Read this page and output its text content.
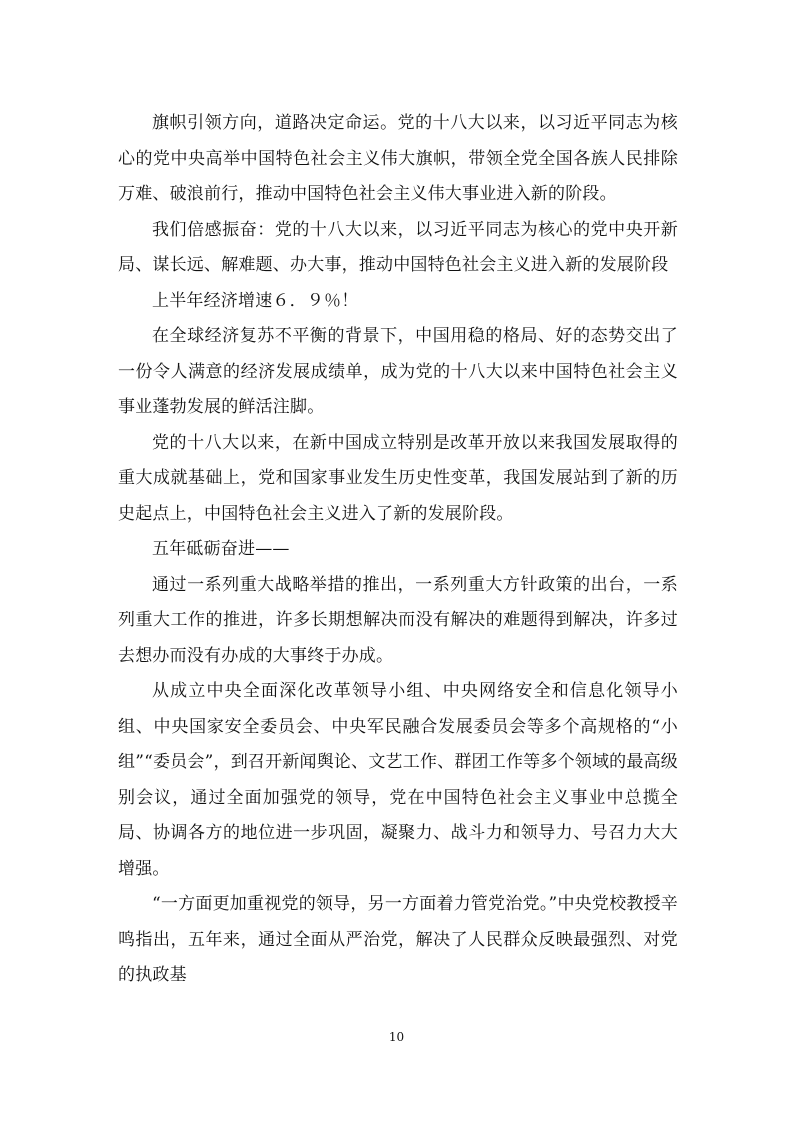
旗帜引领方向，道路决定命运。党的十八大以来，以习近平同志为核心的党中央高举中国特色社会主义伟大旗帜，带领全党全国各族人民排除万难、破浪前行，推动中国特色社会主义伟大事业进入新的阶段。

我们倍感振奋：党的十八大以来，以习近平同志为核心的党中央开新局、谋长远、解难题、办大事，推动中国特色社会主义进入新的发展阶段

上半年经济增速６．９％！

在全球经济复苏不平衡的背景下，中国用稳的格局、好的态势交出了一份令人满意的经济发展成绩单，成为党的十八大以来中国特色社会主义事业蓬勃发展的鲜活注脚。

党的十八大以来，在新中国成立特别是改革开放以来我国发展取得的重大成就基础上，党和国家事业发生历史性变革，我国发展站到了新的历史起点上，中国特色社会主义进入了新的发展阶段。

五年砥砺奋进——

通过一系列重大战略举措的推出，一系列重大方针政策的出台，一系列重大工作的推进，许多长期想解决而没有解决的难题得到解决，许多过去想办而没有办成的大事终于办成。

从成立中央全面深化改革领导小组、中央网络安全和信息化领导小组、中央国家安全委员会、中央军民融合发展委员会等多个高规格的“小组”“委员会”，到召开新闻舆论、文艺工作、群团工作等多个领域的最高级别会议，通过全面加强党的领导，党在中国特色社会主义事业中总揽全局、协调各方的地位进一步巩固，凝聚力、战斗力和领导力、号召力大大增强。

“一方面更加重视党的领导，另一方面着力管党治党。”中央党校教授辛鸣指出，五年来，通过全面从严治党，解决了人民群众反映最强烈、对党的执政基

10
